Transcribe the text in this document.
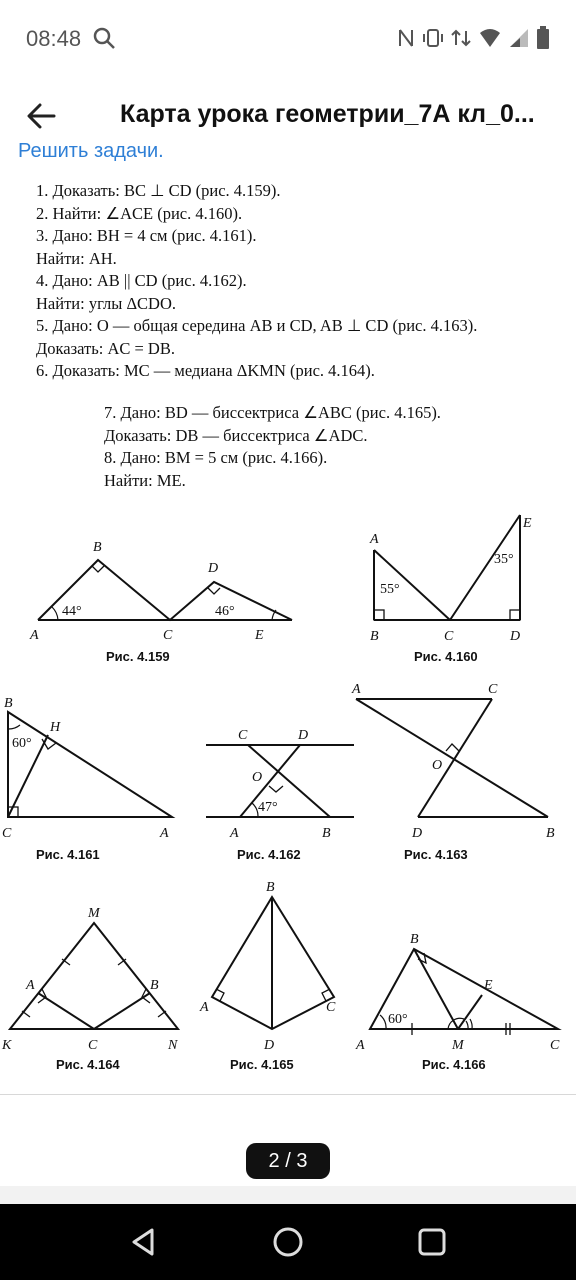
08:48
Карта урока геометрии_7А кл_0...
Решить задачи.
1. Доказать: BC ⊥ CD (рис. 4.159).
2. Найти: ∠ACE (рис. 4.160).
3. Дано: BH = 4 см (рис. 4.161).
Найти: AH.
4. Дано: AB || CD (рис. 4.162).
Найти: углы ΔCDO.
5. Дано: O — общая середина AB и CD, AB ⊥ CD (рис. 4.163).
Доказать: AC = DB.
6. Доказать: MC — медиана ΔKMN (рис. 4.164).
7. Дано: BD — биссектриса ∠ABC (рис. 4.165).
Доказать: DB — биссектриса ∠ADC.
8. Дано: BM = 5 см (рис. 4.166).
Найти: ME.
A
B
C
D
E
44°	46°
Рис. 4.159
A
B	C	D
E
55°
35°
Рис. 4.160
B
C	A
H
60°
Рис. 4.161
C	D
O
A	B
47°
Рис. 4.162
A	C
O
D	B
Рис. 4.163
M
A	B
K	C	N
Рис. 4.164
B
A	C
D
Рис. 4.165
B
E
A	M	C
60°
Рис. 4.166
2 / 3
